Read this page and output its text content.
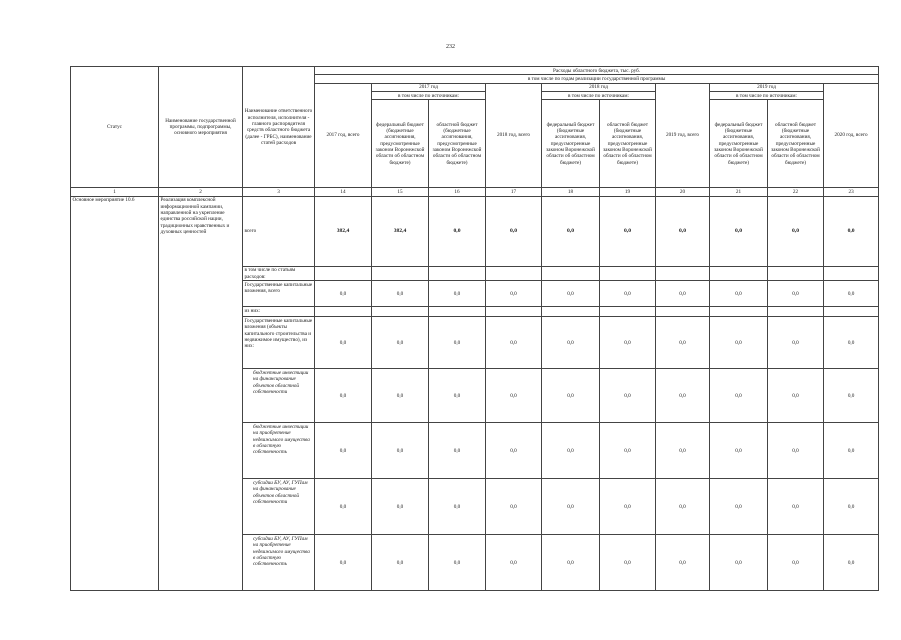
232
Статус	Наименование государственной программы, подпрограммы, основного мероприятия	Наименование ответственного исполнителя, исполнителя - главного распорядителя средств областного бюджета (далее - ГРБС), наименование статей расходов	Расходы областного бюджета, тыс. руб.									
			в том числе по годам реализации государственной программы									
			2017 год, всего	2017 год		2018 год, всего	2018 год		2019 год, всего	2019 год		2020 год, всего
				в том числе по источникам:			в том числе по источникам:			в том числе по источникам:		
				федеральный бюджет (бюджетные ассигнования, предусмотренные законом Воронежской области об областном бюджете)	областной бюджет (бюджетные ассигнования, предусмотренные законом Воронежской области об областном бюджете)		федеральный бюджет (бюджетные ассигнования, предусмотренные законом Воронежской области об областном бюджете)	областной бюджет (бюджетные ассигнования, предусмотренные законом Воронежской области об областном бюджете)		федеральный бюджет (бюджетные ассигнования, предусмотренные законом Воронежской области об областном бюджете)	областной бюджет (бюджетные ассигнования, предусмотренные законом Воронежской области об областном бюджете)	
1	2	3	14	15	16	17	18	19	20	21	22	23
Основное мероприятие 10.6	Реализация комплексной информационной кампании, направленной на укрепление единства российской нации, традиционных нравственных и духовных ценностей	всего	382,4	382,4	0,0	0,0	0,0	0,0	0,0	0,0	0,0	0,0
		в том числе по статьям расходов:										
		Государственные капитальные вложения, всего	0,0	0,0	0,0	0,0	0,0	0,0	0,0	0,0	0,0	0,0
		из них:										
		Государственные капитальные вложения (объекты капитального строительства и недвижимое имущество), из них:	0,0	0,0	0,0	0,0	0,0	0,0	0,0	0,0	0,0	0,0
		бюджетные инвестиции на финансирование объектов областной собственности	0,0	0,0	0,0	0,0	0,0	0,0	0,0	0,0	0,0	0,0
		бюджетные инвестиции на приобретение недвижимого имущества в областную собственность	0,0	0,0	0,0	0,0	0,0	0,0	0,0	0,0	0,0	0,0
		субсидии БУ, АУ, ГУПам на финансирование объектов областной собственности	0,0	0,0	0,0	0,0	0,0	0,0	0,0	0,0	0,0	0,0
		субсидии БУ, АУ, ГУПам на приобретение недвижимого имущества в областную собственность	0,0	0,0	0,0	0,0	0,0	0,0	0,0	0,0	0,0	0,0
